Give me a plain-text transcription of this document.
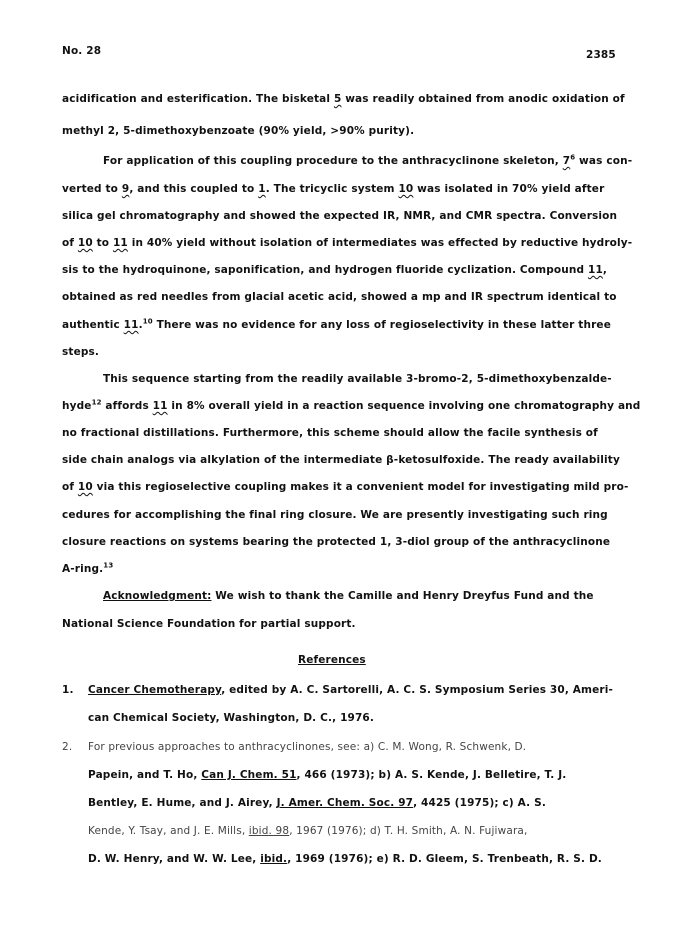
No. 28	2385
acidification and esterification. The bisketal 5 was readily obtained from anodic oxidation of
methyl 2, 5-dimethoxybenzoate (90% yield, >90% purity).
For application of this coupling procedure to the anthracyclinone skeleton, $7^6$ was con-
verted to 9, and this coupled to 1. The tricyclic system 10 was isolated in 70% yield after
silica gel chromatography and showed the expected IR, NMR, and CMR spectra. Conversion
of 10 to 11 in 40% yield without isolation of intermediates was effected by reductive hydroly-
sis to the hydroquinone, saponification, and hydrogen fluoride cyclization. Compound 11,
obtained as red needles from glacial acetic acid, showed a mp and IR spectrum identical to
authentic 11.10 There was no evidence for any loss of regioselectivity in these latter three
steps.
This sequence starting from the readily available 3-bromo-2, 5-dimethoxybenzalde-
hyde$^{12}$ affords 11 in 8% overall yield in a reaction sequence involving one chromatography and
no fractional distillations. Furthermore, this scheme should allow the facile synthesis of
side chain analogs via alkylation of the intermediate β-ketosulfoxide. The ready availability
of 10 via this regioselective coupling makes it a convenient model for investigating mild pro-
cedures for accomplishing the final ring closure. We are presently investigating such ring
closure reactions on systems bearing the protected 1, 3-diol group of the anthracyclinone
A-ring.$^{13}$
Acknowledgment: We wish to thank the Camille and Henry Dreyfus Fund and the
National Science Foundation for partial support.
References
1. Cancer Chemotherapy, edited by A. C. Sartorelli, A. C. S. Symposium Series 30, Ameri-
can Chemical Society, Washington, D. C., 1976.
2. For previous approaches to anthracyclinones, see: a) C. M. Wong, R. Schwenk, D.
Papein, and T. Ho, Can J. Chem. 51, 466 (1973); b) A. S. Kende, J. Belletire, T. J.
Bentley, E. Hume, and J. Airey, J. Amer. Chem. Soc. 97, 4425 (1975); c) A. S.
Kende, Y. Tsay, and J. E. Mills, ibid. 98, 1967 (1976); d) T. H. Smith, A. N. Fujiwara,
D. W. Henry, and W. W. Lee, ibid., 1969 (1976); e) R. D. Gleem, S. Trenbeath, R. S. D.
